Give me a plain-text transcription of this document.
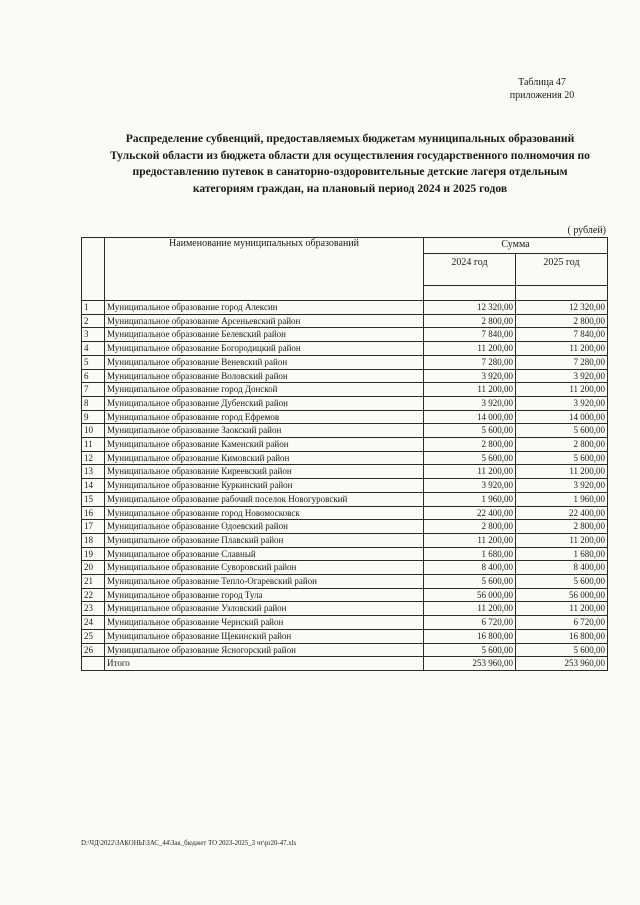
Таблица 47
приложения 20
Распределение субвенций, предоставляемых бюджетам муниципальных образований
Тульской области из бюджета области для осуществления государственного полномочия по
предоставлению путевок в санаторно-оздоровительные детские лагеря отдельным
категориям граждан, на плановый период 2024 и 2025 годов
( рублей)
	Наименование муниципальных образований	Сумма	
		2024 год	2025 год

1	Муниципальное образование город Алексин	12 320,00	12 320,00
2	Муниципальное образование Арсеньевский район	2 800,00	2 800,00
3	Муниципальное образование Белевский район	7 840,00	7 840,00
4	Муниципальное образование Богородицкий район	11 200,00	11 200,00
5	Муниципальное образование Веневский район	7 280,00	7 280,00
6	Муниципальное образование Воловский район	3 920,00	3 920,00
7	Муниципальное образование город Донской	11 200,00	11 200,00
8	Муниципальное образование Дубенский район	3 920,00	3 920,00
9	Муниципальное образование город Ефремов	14 000,00	14 000,00
10	Муниципальное образование Заокский район	5 600,00	5 600,00
11	Муниципальное образование Каменский район	2 800,00	2 800,00
12	Муниципальное образование Кимовский район	5 600,00	5 600,00
13	Муниципальное образование Киреевский район	11 200,00	11 200,00
14	Муниципальное образование Куркинский район	3 920,00	3 920,00
15	Муниципальное образование рабочий поселок Новогуровский	1 960,00	1 960,00
16	Муниципальное образование город Новомосковск	22 400,00	22 400,00
17	Муниципальное образование Одоевский район	2 800,00	2 800,00
18	Муниципальное образование Плавский район	11 200,00	11 200,00
19	Муниципальное образование Славный	1 680,00	1 680,00
20	Муниципальное образование Суворовский район	8 400,00	8 400,00
21	Муниципальное образование Тепло-Огаревский район	5 600,00	5 600,00
22	Муниципальное образование город Тула	56 000,00	56 000,00
23	Муниципальное образование Узловский район	11 200,00	11 200,00
24	Муниципальное образование Чернский район	6 720,00	6 720,00
25	Муниципальное образование Щекинский район	16 800,00	16 800,00
26	Муниципальное образование Ясногорский район	5 600,00	5 600,00
	Итого	253 960,00	253 960,00
D:\ЧД\2022\ЗАКОНЫ\ЗАС_44\Зак_бюджет ТО 2023-2025_3 чт\pr20-47.xls
